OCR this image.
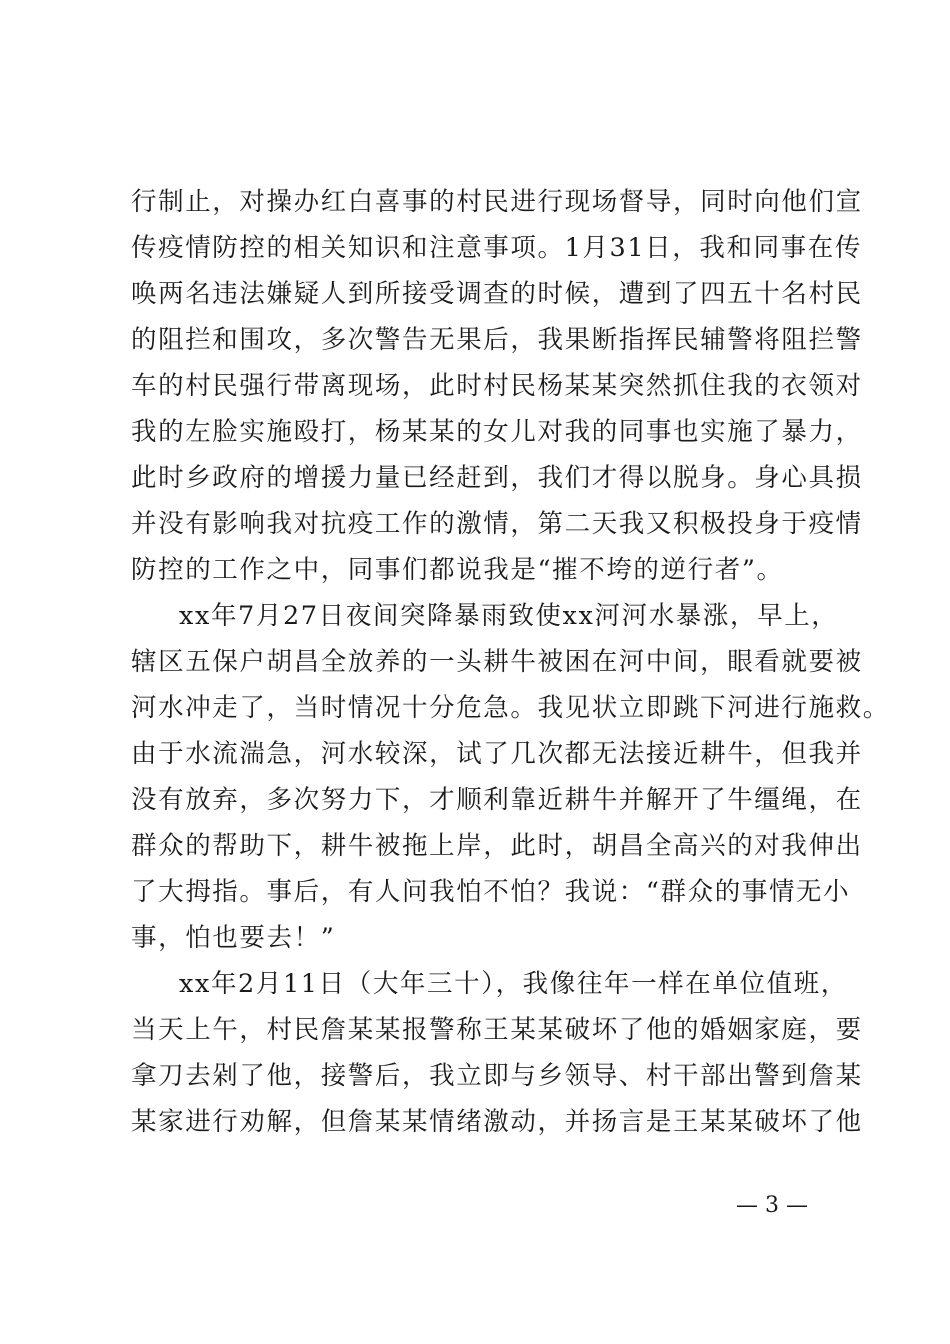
行制止，对操办红白喜事的村民进行现场督导，同时向他们宣
传疫情防控的相关知识和注意事项。1月31日，我和同事在传
唤两名违法嫌疑人到所接受调查的时候，遭到了四五十名村民
的阻拦和围攻，多次警告无果后，我果断指挥民辅警将阻拦警
车的村民强行带离现场，此时村民杨某某突然抓住我的衣领对
我的左脸实施殴打，杨某某的女儿对我的同事也实施了暴力，
此时乡政府的增援力量已经赶到，我们才得以脱身。身心具损
并没有影响我对抗疫工作的激情，第二天我又积极投身于疫情
防控的工作之中，同事们都说我是“摧不垮的逆行者”。
xx年7月27日夜间突降暴雨致使xx河河水暴涨，早上，
辖区五保户胡昌全放养的一头耕牛被困在河中间，眼看就要被
河水冲走了，当时情况十分危急。我见状立即跳下河进行施救。
由于水流湍急，河水较深，试了几次都无法接近耕牛，但我并
没有放弃，多次努力下，才顺利靠近耕牛并解开了牛缰绳，在
群众的帮助下，耕牛被拖上岸，此时，胡昌全高兴的对我伸出
了大拇指。事后，有人问我怕不怕？我说：“群众的事情无小
事，怕也要去！”
xx年2月11日（大年三十），我像往年一样在单位值班，
当天上午，村民詹某某报警称王某某破坏了他的婚姻家庭，要
拿刀去剁了他，接警后，我立即与乡领导、村干部出警到詹某
某家进行劝解，但詹某某情绪激动，并扬言是王某某破坏了他
— 3 —
